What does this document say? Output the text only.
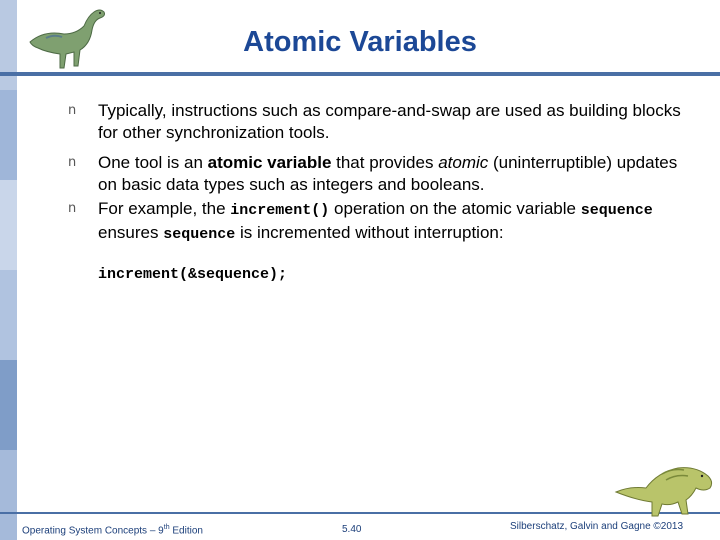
Atomic Variables
n Typically, instructions such as compare-and-swap are used as building blocks for other synchronization tools.
n One tool is an atomic variable that provides atomic (uninterruptible) updates on basic data types such as integers and booleans.
n For example, the increment() operation on the atomic variable sequence ensures sequence is incremented without interruption:
increment(&sequence);
Operating System Concepts – 9th Edition	5.40	Silberschatz, Galvin and Gagne ©2013
